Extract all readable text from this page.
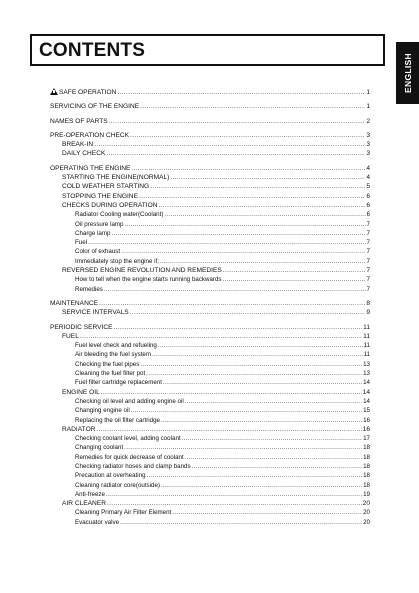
CONTENTS
ENGLISH
SAFE OPERATION .....	1
SERVICING OF THE ENGINE .....	1
NAMES OF PARTS .....	2
PRE-OPERATION CHECK .....	3
BREAK-IN .....	3
DAILY CHECK .....	3
OPERATING THE ENGINE .....	4
STARTING THE ENGINE(NORMAL) .....	4
COLD WEATHER STARTING .....	5
STOPPING THE ENGINE .....	6
CHECKS DURING OPERATION .....	6
Radiator Cooling water(Coolant) .....	6
Oil pressure lamp .....	7
Charge lamp .....	7
Fuel .....	7
Color of exhaust .....	7
Immediately stop the engine if; .....	7
REVERSED ENGINE REVOLUTION AND REMEDIES .....	7
How to tell when the engine starts running backwards .....	7
Remedies .....	7
MAINTENANCE .....	8
SERVICE INTERVALS .....	9
PERIODIC SERVICE .....	11
FUEL .....	11
Fuel level check and refueling .....	11
Air bleeding the fuel system .....	11
Checking the fuel pipes .....	13
Cleaning the fuel filter pot .....	13
Fuel filter cartridge replacement .....	14
ENGINE OIL .....	14
Checking oil level and adding engine oil .....	14
Changing engine oil .....	15
Replacing the oil filter cartridge .....	16
RADIATOR .....	16
Checking coolant level, adding coolant .....	17
Changing coolant .....	18
Remedies for quick decrease of coolant .....	18
Checking radiator hoses and clamp bands .....	18
Precaution at overheating .....	18
Cleaning radiator core(outside) .....	18
Anti-freeze .....	19
AIR CLEANER .....	20
Cleaning Primary Air Filter Element .....	20
Evacuator valve .....	20
